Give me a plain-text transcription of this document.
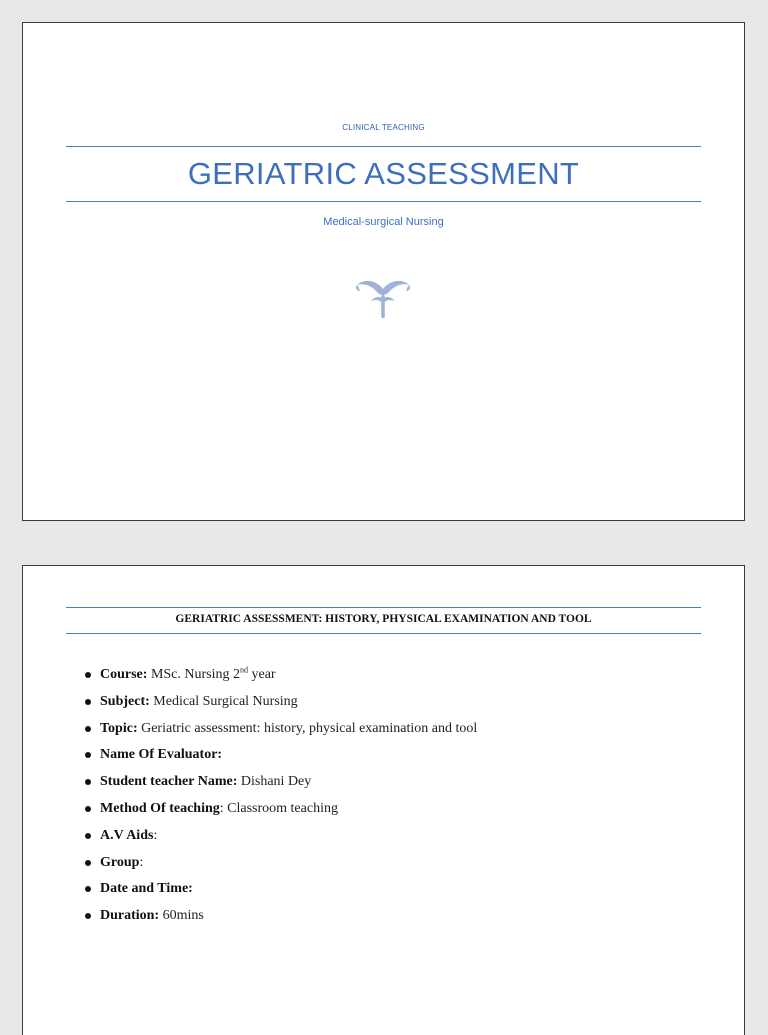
CLINICAL TEACHING
GERIATRIC ASSESSMENT
Medical-surgical Nursing
GERIATRIC ASSESSMENT: HISTORY, PHYSICAL EXAMINATION AND TOOL
Course: MSc. Nursing 2nd year
Subject: Medical Surgical Nursing
Topic: Geriatric assessment: history, physical examination and tool
Name Of Evaluator:
Student teacher Name: Dishani Dey
Method Of teaching: Classroom teaching
A.V Aids:
Group:
Date and Time:
Duration: 60mins
